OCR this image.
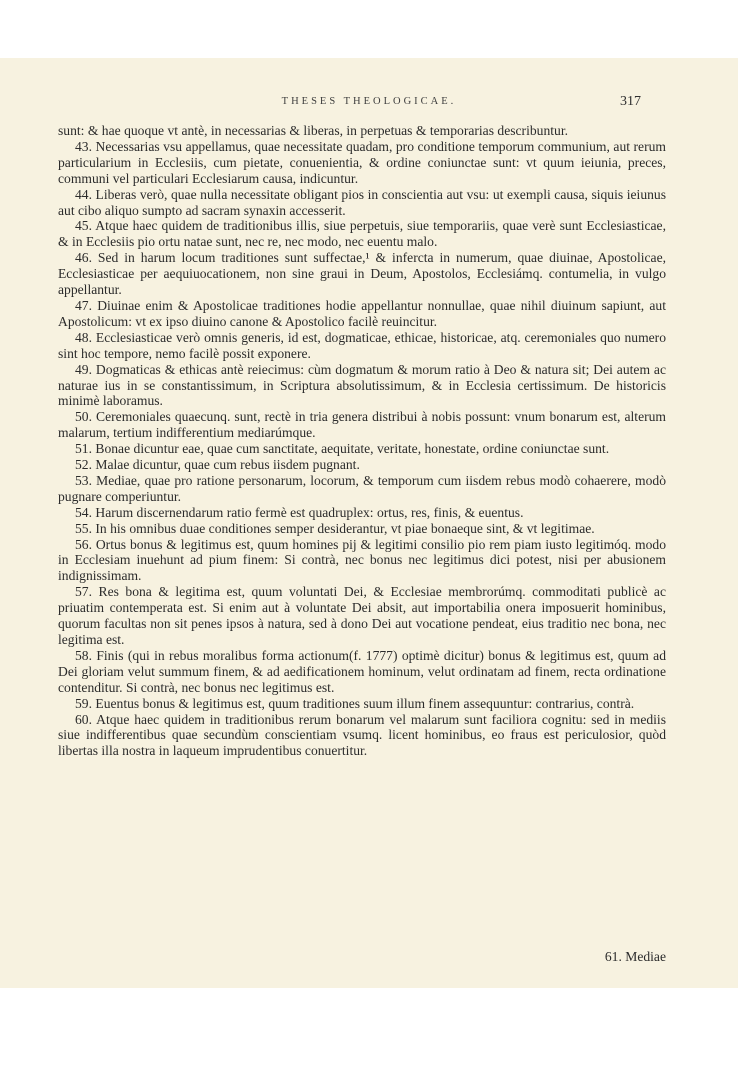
THESES THEOLOGICAE.	317

sunt: & hae quoque vt antè, in necessarias & liberas, in perpetuas & temporarias describuntur.

43. Necessarias vsu appellamus, quae necessitate quadam, pro conditione temporum communium, aut rerum particularium in Ecclesiis, cum pietate, conuenientia, & ordine coniunctae sunt: vt quum ieiunia, preces, communi vel particulari Ecclesiarum causa, indicuntur.

44. Liberas verò, quae nulla necessitate obligant pios in conscientia aut vsu: ut exempli causa, siquis ieiunus aut cibo aliquo sumpto ad sacram synaxin accesserit.

45. Atque haec quidem de traditionibus illis, siue perpetuis, siue temporariis, quae verè sunt Ecclesiasticae, & in Ecclesiis pio ortu natae sunt, nec re, nec modo, nec euentu malo.

46. Sed in harum locum traditiones sunt suffectae,¹ & infercta in numerum, quae diuinae, Apostolicae, Ecclesiasticae per aequiuocationem, non sine graui in Deum, Apostolos, Ecclesiámq. contumelia, in vulgo appellantur.

47. Diuinae enim & Apostolicae traditiones hodie appellantur nonnullae, quae nihil diuinum sapiunt, aut Apostolicum: vt ex ipso diuino canone & Apostolico facilè reuincitur.

48. Ecclesiasticae verò omnis generis, id est, dogmaticae, ethicae, historicae, atq. ceremoniales quo numero sint hoc tempore, nemo facilè possit exponere.

49. Dogmaticas & ethicas antè reiecimus: cùm dogmatum & morum ratio à Deo & natura sit; Dei autem ac naturae ius in se constantissimum, in Scriptura absolutissimum, & in Ecclesia certissimum. De historicis minimè laboramus.

50. Ceremoniales quaecunq. sunt, rectè in tria genera distribui à nobis possunt: vnum bonarum est, alterum malarum, tertium indifferentium mediarúmque.

51. Bonae dicuntur eae, quae cum sanctitate, aequitate, veritate, honestate, ordine coniunctae sunt.

52. Malae dicuntur, quae cum rebus iisdem pugnant.

53. Mediae, quae pro ratione personarum, locorum, & temporum cum iisdem rebus modò cohaerere, modò pugnare comperiuntur.

54. Harum discernendarum ratio fermè est quadruplex: ortus, res, finis, & euentus.

55. In his omnibus duae conditiones semper desiderantur, vt piae bonaeque sint, & vt legitimae.

56. Ortus bonus & legitimus est, quum homines pij & legitimi consilio pio rem piam iusto legitimóq. modo in Ecclesiam inuehunt ad pium finem: Si contrà, nec bonus nec legitimus dici potest, nisi per abusionem indignissimam.

57. Res bona & legitima est, quum voluntati Dei, & Ecclesiae membrorúmq. commoditati publicè ac priuatim contemperata est. Si enim aut à voluntate Dei absit, aut importabilia onera imposuerit hominibus, quorum facultas non sit penes ipsos à natura, sed à dono Dei aut vocatione pendeat, eius traditio nec bona, nec legitima est.

58. Finis (qui in rebus moralibus forma actionum(f. 1777) optimè dicitur) bonus & legitimus est, quum ad Dei gloriam velut summum finem, & ad aedificationem hominum, velut ordinatam ad finem, recta ordinatione contenditur. Si contrà, nec bonus nec legitimus est.

59. Euentus bonus & legitimus est, quum traditiones suum illum finem assequuntur: contrarius, contrà.

60. Atque haec quidem in traditionibus rerum bonarum vel malarum sunt faciliora cognitu: sed in mediis siue indifferentibus quae secundùm conscientiam vsumq. licent hominibus, eo fraus est periculosior, quòd libertas illa nostra in laqueum imprudentibus conuertitur.

61. Mediae
